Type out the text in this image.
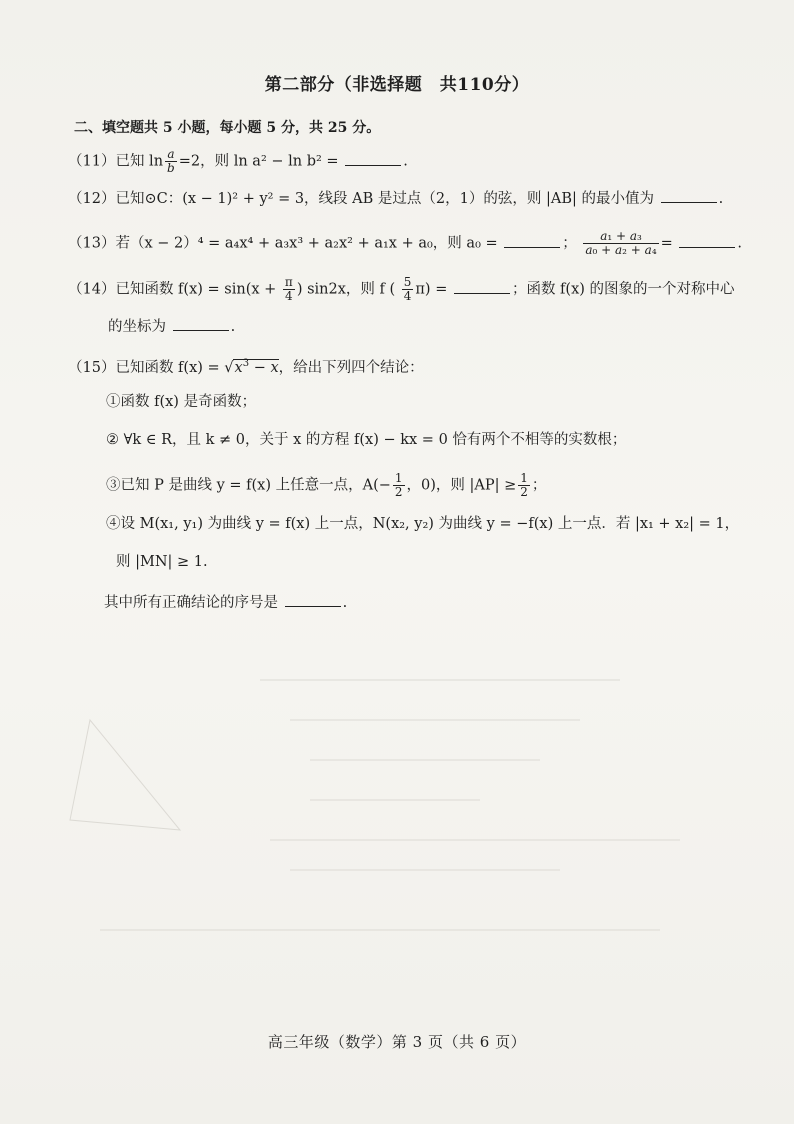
第二部分（非选择题　共110分）
二、填空题共 5 小题，每小题 5 分，共 25 分。
（11）已知 $\ln \frac{a}{b} =2$，则 ln a² − ln b² =	.
（12）已知⊙C：(x − 1)² + y² = 3，线段 AB 是过点（2，1）的弦，则 |AB| 的最小值为	.
（13）若（x − 2）⁴ = a₄x⁴ + a₃x³ + a₂x² + a₁x + a₀，则 a₀ =	； $\frac{\text{a₁ + a₃}}{\text{a₀ + a₂ + a₄}}$ =	.
（14）已知函数 $f(x) = \sin(x + \frac{\pi}{4}$ ) sin2x，则 f ( $\frac{5}{4} \pi$) =	；函数 f(x) 的图象的一个对称中心
的坐标为	.
（15）已知函数 $f(x) = √x^3 - x$，给出下列四个结论：
①函数 f(x) 是奇函数；
② ∀k ∈ R，且 k ≠ 0，关于 x 的方程 f(x) − kx = 0 恰有两个不相等的实数根；
③已知 P 是曲线 y = f(x) 上任意一点，$A(- \frac{1}{2}$ ，0)，则 $|AP| \ge \frac{1}{2}$ ；
④设 M(x₁, y₁) 为曲线 y = f(x) 上一点，N(x₂, y₂) 为曲线 y = −f(x) 上一点．若 |x₁ + x₂| = 1，
则 |MN| ≥ 1.
其中所有正确结论的序号是	.
高三年级（数学）第 3 页（共 6 页）
